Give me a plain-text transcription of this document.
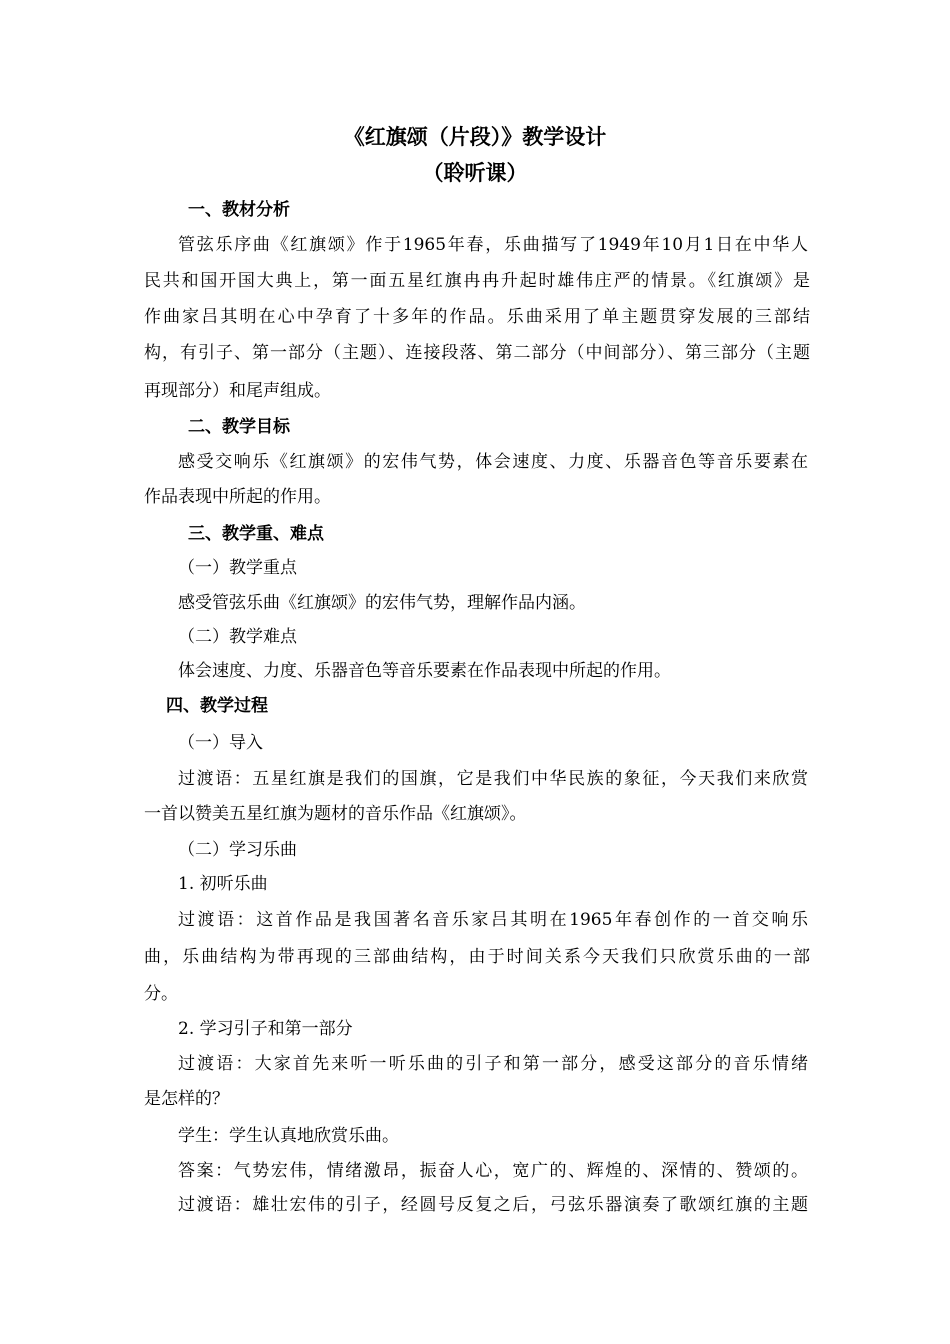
《红旗颂（片段）》教学设计
（聆听课）
一、教材分析
管弦乐序曲《红旗颂》作于1965年春，乐曲描写了1949年10月1日在中华人
民共和国开国大典上，第一面五星红旗冉冉升起时雄伟庄严的情景。《红旗颂》是
作曲家吕其明在心中孕育了十多年的作品。乐曲采用了单主题贯穿发展的三部结
构，有引子、第一部分（主题）、连接段落、第二部分（中间部分）、第三部分（主题
再现部分）和尾声组成。
二、教学目标
感受交响乐《红旗颂》的宏伟气势，体会速度、力度、乐器音色等音乐要素在
作品表现中所起的作用。
三、教学重、难点
（一）教学重点
感受管弦乐曲《红旗颂》的宏伟气势，理解作品内涵。
（二）教学难点
体会速度、力度、乐器音色等音乐要素在作品表现中所起的作用。
四、教学过程
（一）导入
过渡语：五星红旗是我们的国旗，它是我们中华民族的象征，今天我们来欣赏
一首以赞美五星红旗为题材的音乐作品《红旗颂》。
（二）学习乐曲
1. 初听乐曲
过渡语：这首作品是我国著名音乐家吕其明在1965年春创作的一首交响乐
曲，乐曲结构为带再现的三部曲结构，由于时间关系今天我们只欣赏乐曲的一部
分。
2. 学习引子和第一部分
过渡语：大家首先来听一听乐曲的引子和第一部分，感受这部分的音乐情绪
是怎样的？
学生：学生认真地欣赏乐曲。
答案：气势宏伟，情绪激昂，振奋人心，宽广的、辉煌的、深情的、赞颂的。
过渡语：雄壮宏伟的引子，经圆号反复之后，弓弦乐器演奏了歌颂红旗的主题
